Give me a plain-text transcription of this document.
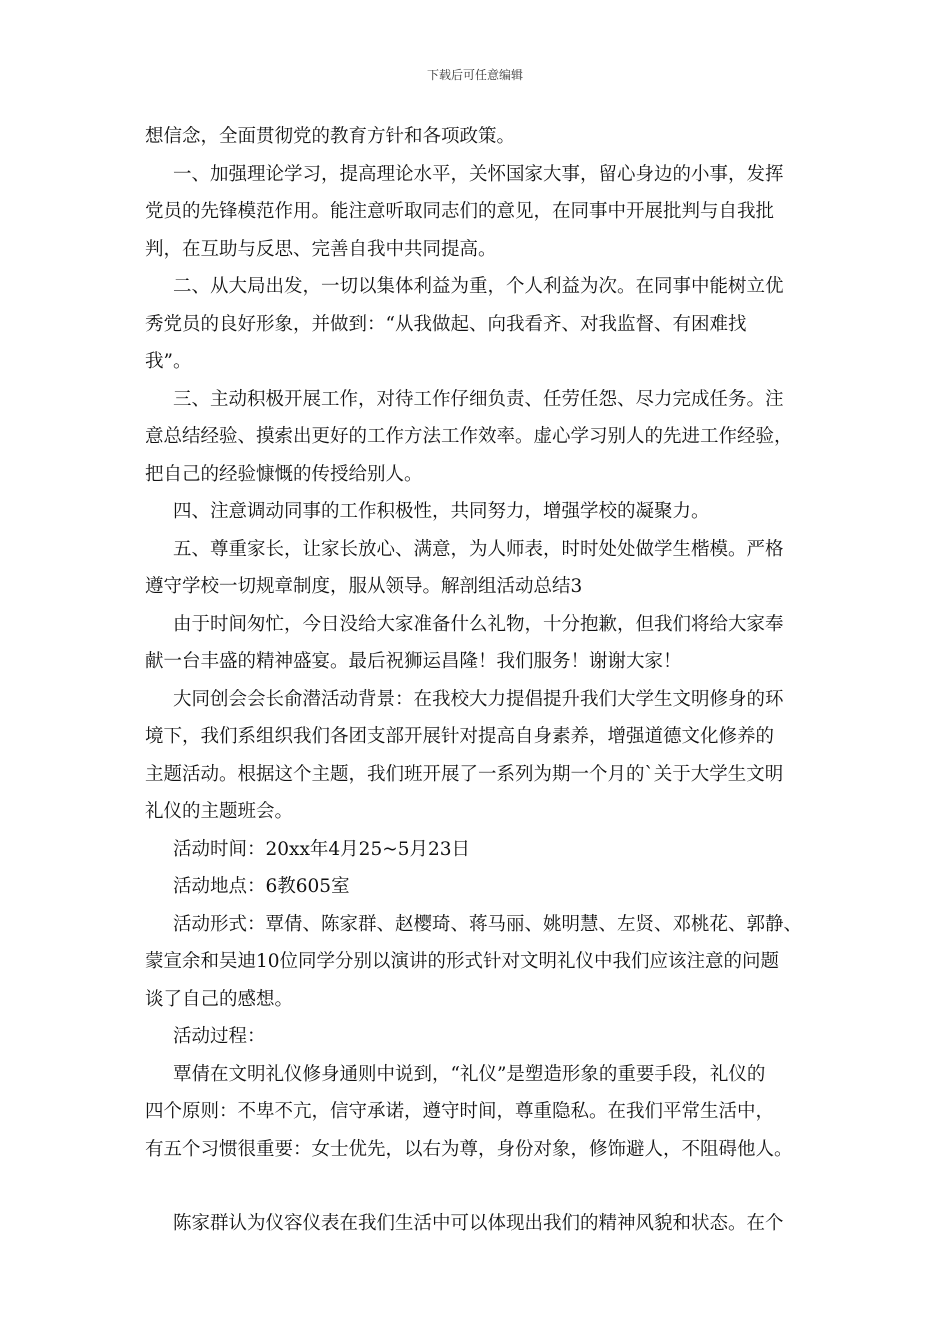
下载后可任意编辑

想信念，全面贯彻党的教育方针和各项政策。

一、加强理论学习，提高理论水平，关怀国家大事，留心身边的小事，发挥
党员的先锋模范作用。能注意听取同志们的意见，在同事中开展批判与自我批
判，在互助与反思、完善自我中共同提高。

二、从大局出发，一切以集体利益为重，个人利益为次。在同事中能树立优
秀党员的良好形象，并做到：“从我做起、向我看齐、对我监督、有困难找
我”。

三、主动积极开展工作，对待工作仔细负责、任劳任怨、尽力完成任务。注
意总结经验、摸索出更好的工作方法工作效率。虚心学习别人的先进工作经验，
把自己的经验慷慨的传授给别人。

四、注意调动同事的工作积极性，共同努力，增强学校的凝聚力。

五、尊重家长，让家长放心、满意，为人师表，时时处处做学生楷模。严格
遵守学校一切规章制度，服从领导。解剖组活动总结3

由于时间匆忙，今日没给大家准备什么礼物，十分抱歉，但我们将给大家奉
献一台丰盛的精神盛宴。最后祝狮运昌隆！我们服务！谢谢大家！

大同创会会长俞潜活动背景：在我校大力提倡提升我们大学生文明修身的环
境下，我们系组织我们各团支部开展针对提高自身素养，增强道德文化修养的
主题活动。根据这个主题，我们班开展了一系列为期一个月的`关于大学生文明
礼仪的主题班会。

活动时间：20xx年4月25~5月23日

活动地点：6教605室

活动形式：覃倩、陈家群、赵樱琦、蒋马丽、姚明慧、左贤、邓桃花、郭静、
蒙宣余和吴迪10位同学分别以演讲的形式针对文明礼仪中我们应该注意的问题
谈了自己的感想。

活动过程：

覃倩在文明礼仪修身通则中说到，“礼仪”是塑造形象的重要手段，礼仪的
四个原则：不卑不亢，信守承诺，遵守时间，尊重隐私。在我们平常生活中，
有五个习惯很重要：女士优先，以右为尊，身份对象，修饰避人，不阻碍他人。

陈家群认为仪容仪表在我们生活中可以体现出我们的精神风貌和状态。在个
